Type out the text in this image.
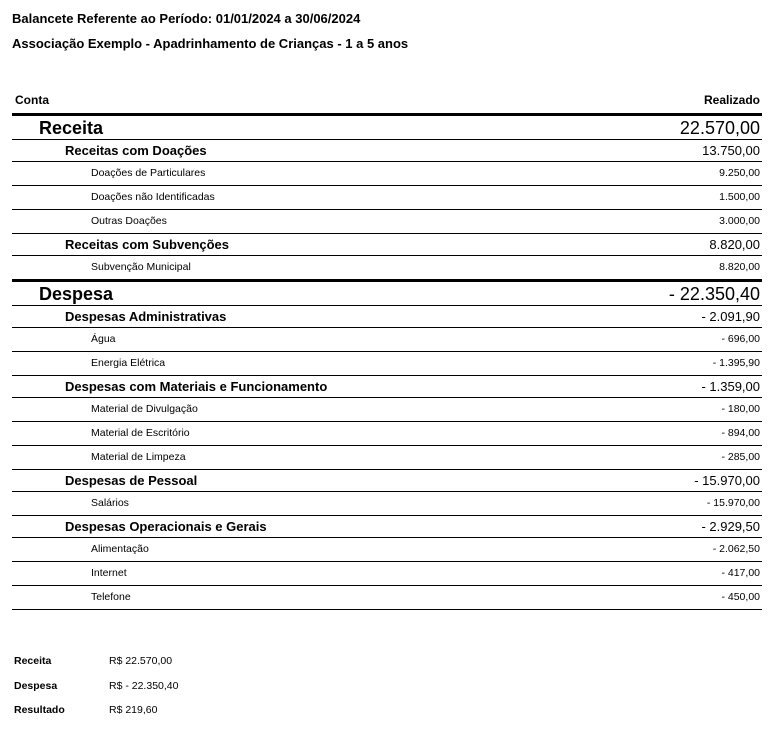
Balancete Referente ao Período: 01/01/2024 a 30/06/2024
Associação Exemplo - Apadrinhamento de Crianças - 1 a 5 anos
Conta	Realizado
Receita	22.570,00
Receitas com Doações	13.750,00
Doações de Particulares	9.250,00
Doações não Identificadas	1.500,00
Outras Doações	3.000,00
Receitas com Subvenções	8.820,00
Subvenção Municipal	8.820,00
Despesa	- 22.350,40
Despesas Administrativas	- 2.091,90
Água	- 696,00
Energia Elétrica	- 1.395,90
Despesas com Materiais e Funcionamento	- 1.359,00
Material de Divulgação	- 180,00
Material de Escritório	- 894,00
Material de Limpeza	- 285,00
Despesas de Pessoal	- 15.970,00
Salários	- 15.970,00
Despesas Operacionais e Gerais	- 2.929,50
Alimentação	- 2.062,50
Internet	- 417,00
Telefone	- 450,00
Receita	R$ 22.570,00
Despesa	R$ - 22.350,40
Resultado	R$ 219,60
